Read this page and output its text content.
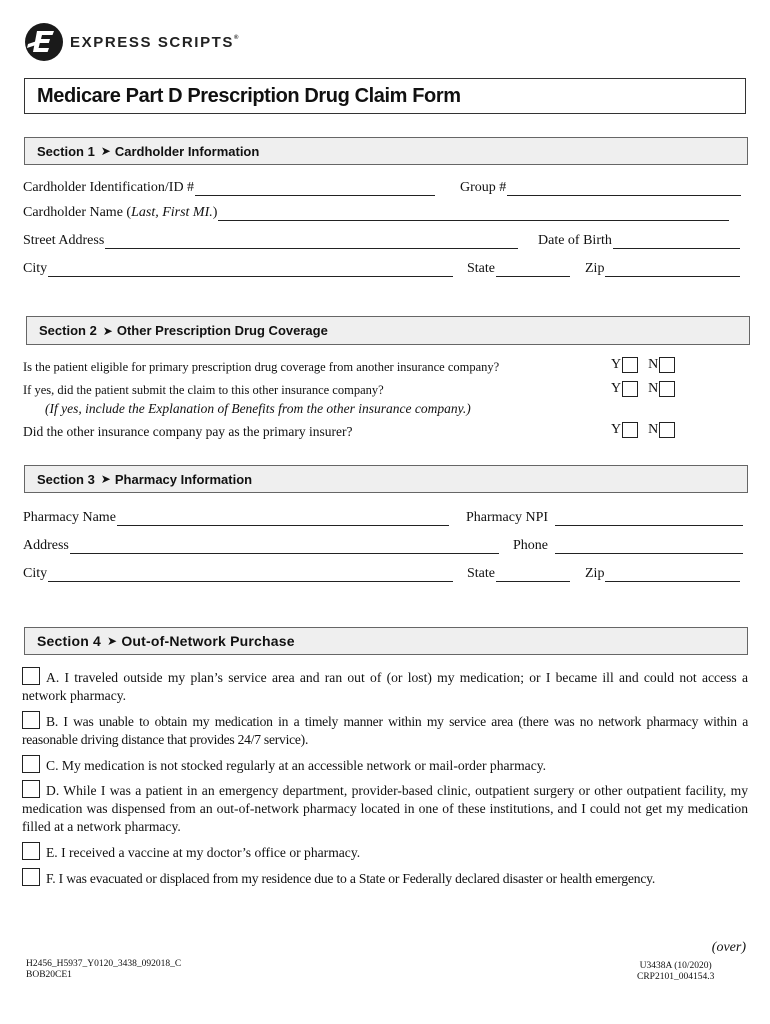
EXPRESS SCRIPTS®
Medicare Part D Prescription Drug Claim Form
Section 1 ➤ Cardholder Information
Cardholder Identification/ID #	Group #
Cardholder Name ( Last, First MI. )
Street Address	Date of Birth
City	State	Zip
Section 2 ➤ Other Prescription Drug Coverage
Is the patient eligible for primary prescription drug coverage from another insurance company?	Y N
If yes, did the patient submit the claim to this other insurance company?	Y N
(If yes, include the Explanation of Benefits from the other insurance company.)
Did the other insurance company pay as the primary insurer?	Y N
Section 3 ➤ Pharmacy Information
Pharmacy Name	Pharmacy NPI
Address	Phone
City	State	Zip
Section 4 ➤ Out-of-Network Purchase
A. I traveled outside my plan’s service area and ran out of (or lost) my medication; or I became ill and could not access a network pharmacy.
B. I was unable to obtain my medication in a timely manner within my service area (there was no network pharmacy within a reasonable driving distance that provides 24/7 service).
C. My medication is not stocked regularly at an accessible network or mail-order pharmacy.
D. While I was a patient in an emergency department, provider-based clinic, outpatient surgery or other outpatient facility, my medication was dispensed from an out-of-network pharmacy located in one of these institutions, and I could not get my medication filled at a network pharmacy.
E. I received a vaccine at my doctor’s office or pharmacy.
F. I was evacuated or displaced from my residence due to a State or Federally declared disaster or health emergency.
(over)
H2456_H5937_Y0120_3438_092018_C
BOB20CE1
U3438A (10/2020)
CRP2101_004154.3
